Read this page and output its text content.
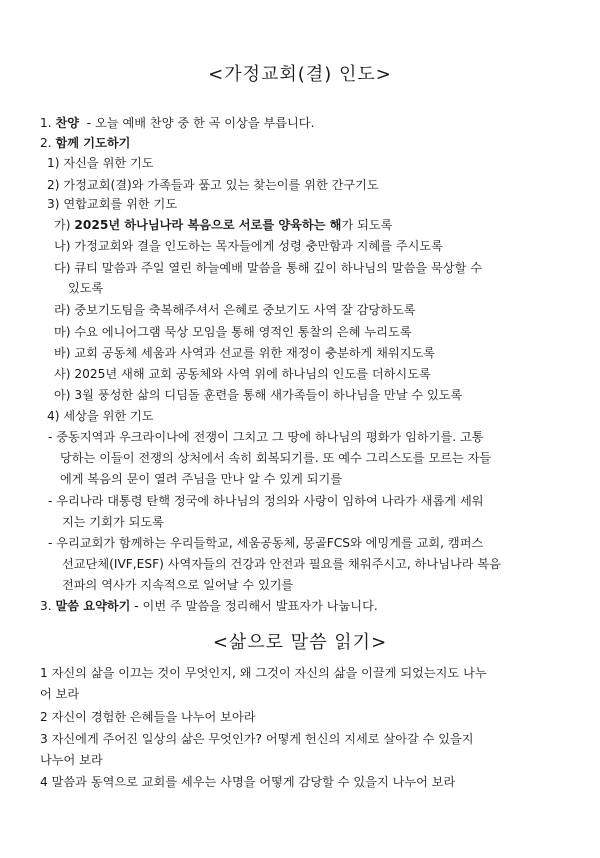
<가정교회(결) 인도>
1. 찬양  - 오늘 예배 찬양 중 한 곡 이상을 부릅니다.
2. 함께 기도하기
1) 자신을 위한 기도
2) 가정교회(결)와 가족들과 품고 있는 찾는이를 위한 간구기도
3) 연합교회를 위한 기도
가) 2025년 하나님나라 복음으로 서로를 양육하는 해가 되도록
나) 가정교회와 결을 인도하는 목자들에게 성령 충만함과 지혜를 주시도록
다) 큐티 말씀과 주일 열린 하늘예배 말씀을 통해 깊이 하나님의 말씀을 묵상할 수
있도록
라) 중보기도팀을 축복해주셔서 은혜로 중보기도 사역 잘 감당하도록
마) 수요 에니어그램 묵상 모임을 통해 영적인 통찰의 은혜 누리도록
바) 교회 공동체 세움과 사역과 선교를 위한 재정이 충분하게 채워지도록
사) 2025년 새해 교회 공동체와 사역 위에 하나님의 인도를 더하시도록
아) 3월 풍성한 삶의 디딤돌 훈련을 통해 새가족들이 하나님을 만날 수 있도록
4) 세상을 위한 기도
- 중동지역과 우크라이나에 전쟁이 그치고 그 땅에 하나님의 평화가 임하기를. 고통
당하는 이들이 전쟁의 상처에서 속히 회복되기를. 또 예수 그리스도를 모르는 자들
에게 복음의 문이 열려 주님을 만나 알 수 있게 되기를
- 우리나라 대통령 탄핵 정국에 하나님의 정의와 사랑이 임하여 나라가 새롭게 세워
지는 기회가 되도록
- 우리교회가 함께하는 우리들학교, 세움공동체, 몽골FCS와 에밍게를 교회, 캠퍼스
선교단체(IVF,ESF) 사역자들의 건강과 안전과 필요를 채워주시고, 하나님나라 복음
전파의 역사가 지속적으로 일어날 수 있기를
3. 말씀 요약하기 - 이번 주 말씀을 정리해서 발표자가 나눕니다.
<삶으로 말씀 읽기>
1 자신의 삶을 이끄는 것이 무엇인지, 왜 그것이 자신의 삶을 이끌게 되었는지도 나누
어 보라
2 자신이 경험한 은혜들을 나누어 보아라
3 자신에게 주어진 일상의 삶은 무엇인가? 어떻게 헌신의 지세로 살아갈 수 있을지
나누어 보라
4 말씀과 동역으로 교회를 세우는 사명을 어떻게 감당할 수 있을지 나누어 보라
